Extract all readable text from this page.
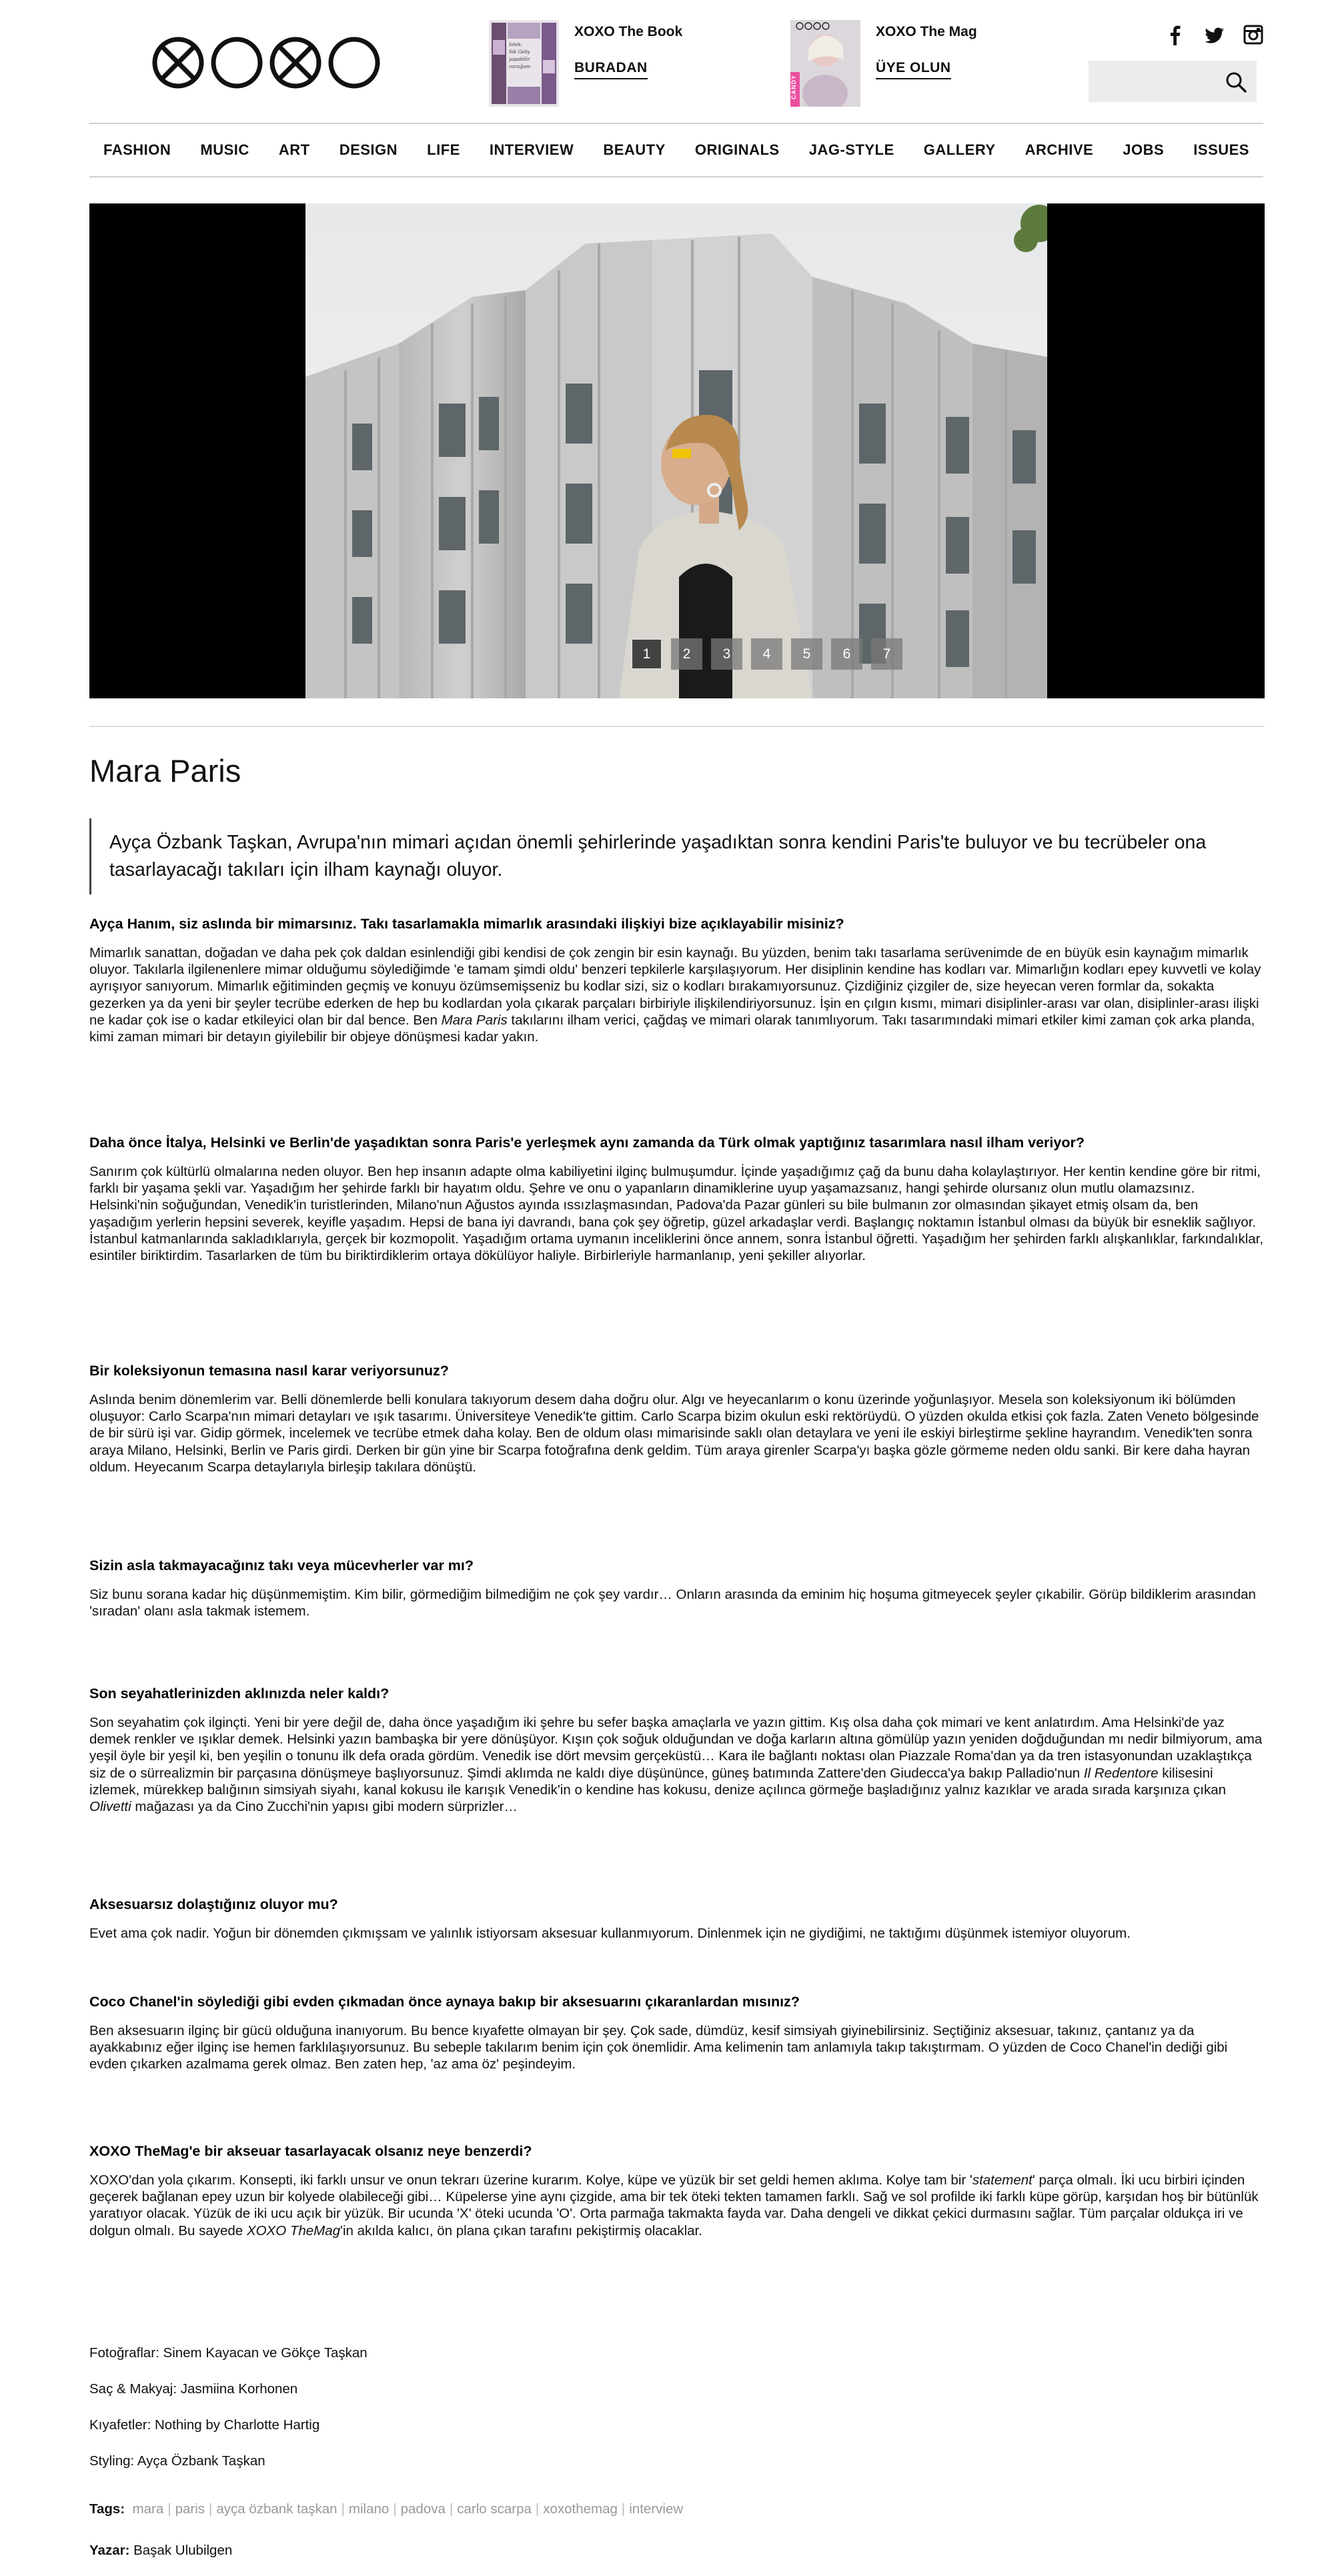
Istek:
Sik Geliş
yapabilir
cocuğum
XOXO The Book
BURADAN
CANDY
XOXO The Mag
ÜYE OLUN
FASHION MUSIC ART DESIGN LIFE INTERVIEW BEAUTY ORIGINALS JAG-STYLE GALLERY ARCHIVE JOBS ISSUES
1	2	3	4	5	6	7
Mara Paris
Ayça Özbank Taşkan, Avrupa'nın mimari açıdan önemli şehirlerinde yaşadıktan sonra kendini Paris'te buluyor ve bu tecrübeler ona tasarlayacağı takıları için ilham kaynağı oluyor.
Ayça Hanım, siz aslında bir mimarsınız. Takı tasarlamakla mimarlık arasındaki ilişkiyi bize açıklayabilir misiniz?
Mimarlık sanattan, doğadan ve daha pek çok daldan esinlendiği gibi kendisi de çok zengin bir esin kaynağı. Bu yüzden, benim takı tasarlama serüvenimde de en büyük esin kaynağım mimarlık oluyor. Takılarla ilgilenenlere mimar olduğumu söylediğimde 'e tamam şimdi oldu' benzeri tepkilerle karşılaşıyorum. Her disiplinin kendine has kodları var. Mimarlığın kodları epey kuvvetli ve kolay ayrışıyor sanıyorum. Mimarlık eğitiminden geçmiş ve konuyu özümsemişseniz bu kodlar sizi, siz o kodları bırakamıyorsunuz. Çizdiğiniz çizgiler de, size heyecan veren formlar da, sokakta gezerken ya da yeni bir şeyler tecrübe ederken de hep bu kodlardan yola çıkarak parçaları birbiriyle ilişkilendiriyorsunuz. İşin en çılgın kısmı, mimari disiplinler-arası var olan, disiplinler-arası ilişki ne kadar çok ise o kadar etkileyici olan bir dal bence. Ben Mara Paris takılarını ilham verici, çağdaş ve mimari olarak tanımlıyorum. Takı tasarımındaki mimari etkiler kimi zaman çok arka planda, kimi zaman mimari bir detayın giyilebilir bir objeye dönüşmesi kadar yakın.
Daha önce İtalya, Helsinki ve Berlin'de yaşadıktan sonra Paris'e yerleşmek aynı zamanda da Türk olmak yaptığınız tasarımlara nasıl ilham veriyor?
Sanırım çok kültürlü olmalarına neden oluyor. Ben hep insanın adapte olma kabiliyetini ilginç bulmuşumdur. İçinde yaşadığımız çağ da bunu daha kolaylaştırıyor. Her kentin kendine göre bir ritmi, farklı bir yaşama şekli var. Yaşadığım her şehirde farklı bir hayatım oldu. Şehre ve onu o yapanların dinamiklerine uyup yaşamazsanız, hangi şehirde olursanız olun mutlu olamazsınız. Helsinki'nin soğuğundan, Venedik'in turistlerinden, Milano'nun Ağustos ayında ıssızlaşmasından, Padova'da Pazar günleri su bile bulmanın zor olmasından şikayet etmiş olsam da, ben yaşadığım yerlerin hepsini severek, keyifle yaşadım. Hepsi de bana iyi davrandı, bana çok şey öğretip, güzel arkadaşlar verdi. Başlangıç noktamın İstanbul olması da büyük bir esneklik sağlıyor. İstanbul katmanlarında sakladıklarıyla, gerçek bir kozmopolit. Yaşadığım ortama uymanın inceliklerini önce annem, sonra İstanbul öğretti. Yaşadığım her şehirden farklı alışkanlıklar, farkındalıklar, esintiler biriktirdim. Tasarlarken de tüm bu biriktirdiklerim ortaya dökülüyor haliyle. Birbirleriyle harmanlanıp, yeni şekiller alıyorlar.
Bir koleksiyonun temasına nasıl karar veriyorsunuz?
Aslında benim dönemlerim var. Belli dönemlerde belli konulara takıyorum desem daha doğru olur. Algı ve heyecanlarım o konu üzerinde yoğunlaşıyor. Mesela son koleksiyonum iki bölümden oluşuyor: Carlo Scarpa'nın mimari detayları ve ışık tasarımı. Üniversiteye Venedik'te gittim. Carlo Scarpa bizim okulun eski rektörüydü. O yüzden okulda etkisi çok fazla. Zaten Veneto bölgesinde de bir sürü işi var. Gidip görmek, incelemek ve tecrübe etmek daha kolay. Ben de oldum olası mimarisinde saklı olan detaylara ve yeni ile eskiyi birleştirme şekline hayrandım. Venedik'ten sonra araya Milano, Helsinki, Berlin ve Paris girdi. Derken bir gün yine bir Scarpa fotoğrafına denk geldim. Tüm araya girenler Scarpa'yı başka gözle görmeme neden oldu sanki. Bir kere daha hayran oldum. Heyecanım Scarpa detaylarıyla birleşip takılara dönüştü.
Sizin asla takmayacağınız takı veya mücevherler var mı?
Siz bunu sorana kadar hiç düşünmemiştim. Kim bilir, görmediğim bilmediğim ne çok şey vardır… Onların arasında da eminim hiç hoşuma gitmeyecek şeyler çıkabilir. Görüp bildiklerim arasından 'sıradan' olanı asla takmak istemem.
Son seyahatlerinizden aklınızda neler kaldı?
Son seyahatim çok ilginçti. Yeni bir yere değil de, daha önce yaşadığım iki şehre bu sefer başka amaçlarla ve yazın gittim. Kış olsa daha çok mimari ve kent anlatırdım. Ama Helsinki'de yaz demek renkler ve ışıklar demek. Helsinki yazın bambaşka bir yere dönüşüyor. Kışın çok soğuk olduğundan ve doğa karların altına gömülüp yazın yeniden doğduğundan mı nedir bilmiyorum, ama yeşil öyle bir yeşil ki, ben yeşilin o tonunu ilk defa orada gördüm. Venedik ise dört mevsim gerçeküstü… Kara ile bağlantı noktası olan Piazzale Roma'dan ya da tren istasyonundan uzaklaştıkça siz de o sürrealizmin bir parçasına dönüşmeye başlıyorsunuz. Şimdi aklımda ne kaldı diye düşününce, güneş batımında Zattere'den Giudecca'ya bakıp Palladio'nun Il Redentore kilisesini izlemek, mürekkep balığının simsiyah siyahı, kanal kokusu ile karışık Venedik'in o kendine has kokusu, denize açılınca görmeğe başladığınız yalnız kazıklar ve arada sırada karşınıza çıkan Olivetti mağazası ya da Cino Zucchi'nin yapısı gibi modern sürprizler…
Aksesuarsız dolaştığınız oluyor mu?
Evet ama çok nadir. Yoğun bir dönemden çıkmışsam ve yalınlık istiyorsam aksesuar kullanmıyorum. Dinlenmek için ne giydiğimi, ne taktığımı düşünmek istemiyor oluyorum.
Coco Chanel'in söylediği gibi evden çıkmadan önce aynaya bakıp bir aksesuarını çıkaranlardan mısınız?
Ben aksesuarın ilginç bir gücü olduğuna inanıyorum. Bu bence kıyafette olmayan bir şey. Çok sade, dümdüz, kesif simsiyah giyinebilirsiniz. Seçtiğiniz aksesuar, takınız, çantanız ya da ayakkabınız eğer ilginç ise hemen farklılaşıyorsunuz. Bu sebeple takılarım benim için çok önemlidir. Ama kelimenin tam anlamıyla takıp takıştırmam. O yüzden de Coco Chanel'in dediği gibi evden çıkarken azalmama gerek olmaz. Ben zaten hep, 'az ama öz' peşindeyim.
XOXO TheMag'e bir akseuar tasarlayacak olsanız neye benzerdi?
XOXO'dan yola çıkarım. Konsepti, iki farklı unsur ve onun tekrarı üzerine kurarım. Kolye, küpe ve yüzük bir set geldi hemen aklıma. Kolye tam bir 'statement' parça olmalı. İki ucu birbiri içinden geçerek bağlanan epey uzun bir kolyede olabileceği gibi… Küpelerse yine aynı çizgide, ama bir tek öteki tekten tamamen farklı. Sağ ve sol profilde iki farklı küpe görüp, karşıdan hoş bir bütünlük yaratıyor olacak. Yüzük de iki ucu açık bir yüzük. Bir ucunda 'X' öteki ucunda 'O'. Orta parmağa takmakta fayda var. Daha dengeli ve dikkat çekici durmasını sağlar. Tüm parçalar oldukça iri ve dolgun olmalı. Bu sayede XOXO TheMag'in akılda kalıcı, ön plana çıkan tarafını pekiştirmiş olacaklar.
Fotoğraflar: Sinem Kayacan ve Gökçe Taşkan
Saç & Makyaj: Jasmiina Korhonen
Kıyafetler: Nothing by Charlotte Hartig
Styling: Ayça Özbank Taşkan
Tags: mara | paris | ayça özbank taşkan | milano | padova | carlo scarpa | xoxothemag | interview
Yazar: Başak Ulubilgen
